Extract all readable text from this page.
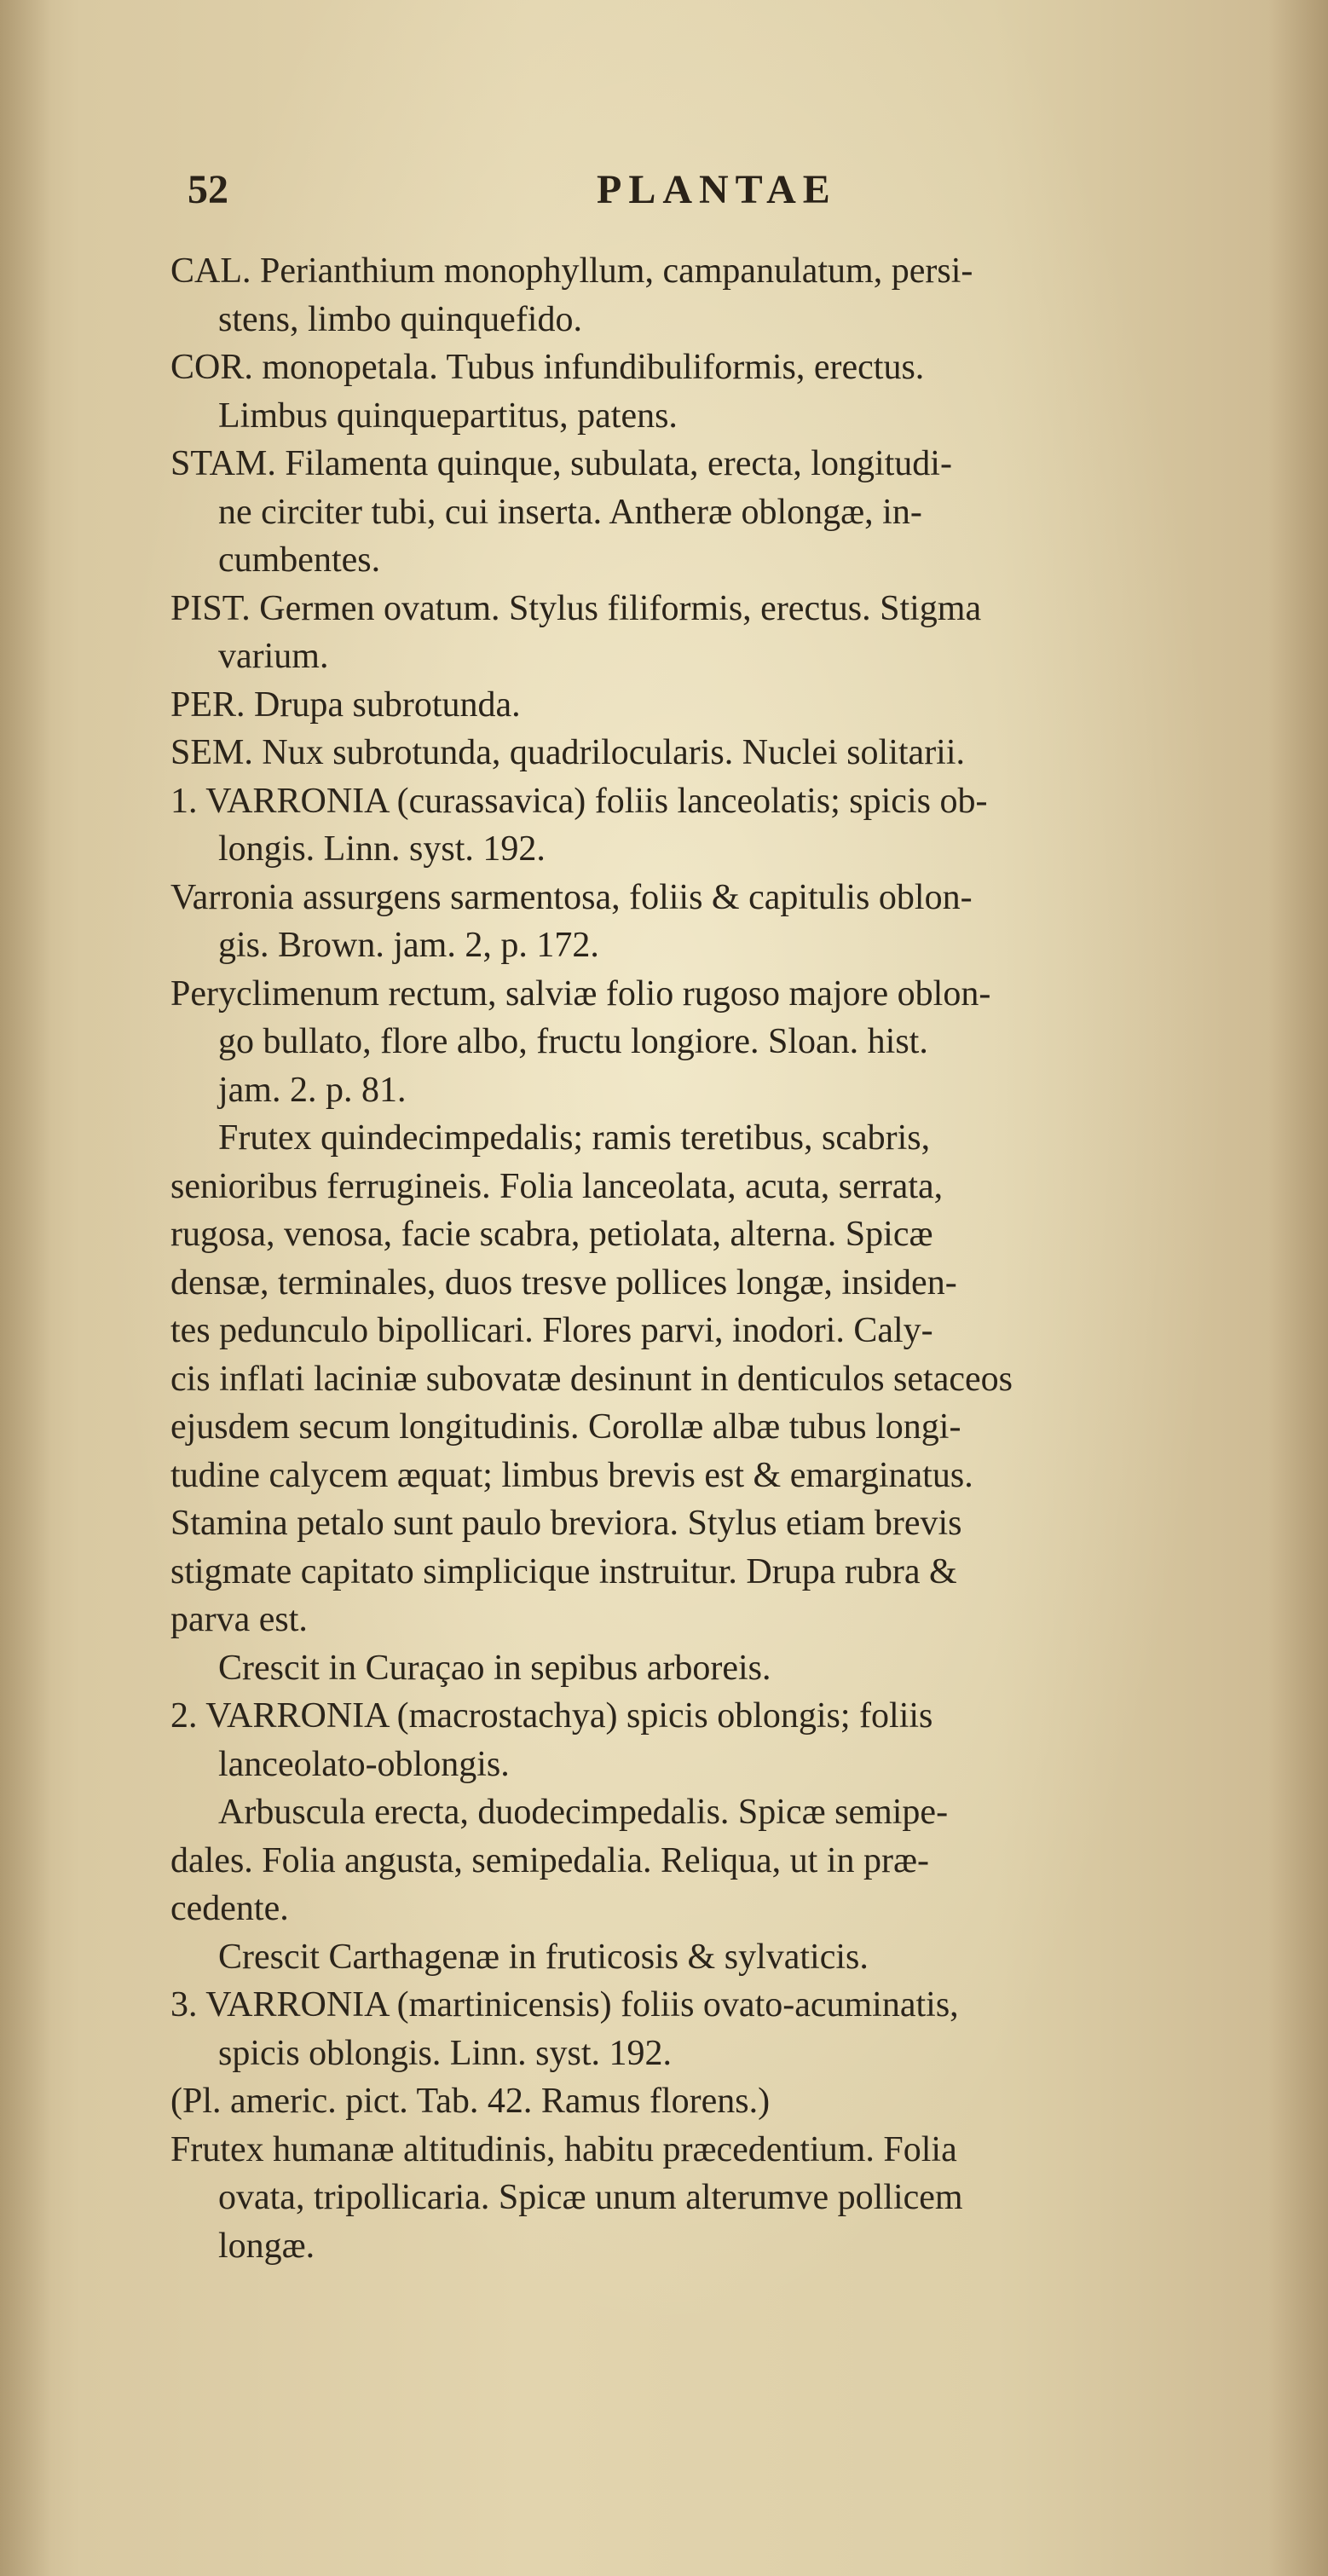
52	PLANTAE
CAL. Perianthium monophyllum, campanulatum, persi-
stens, limbo quinquefido.
COR. monopetala. Tubus infundibuliformis, erectus.
Limbus quinquepartitus, patens.
STAM. Filamenta quinque, subulata, erecta, longitudi-
ne circiter tubi, cui inserta. Antheræ oblongæ, in-
cumbentes.
PIST. Germen ovatum. Stylus filiformis, erectus. Stigma
varium.
PER. Drupa subrotunda.
SEM. Nux subrotunda, quadrilocularis. Nuclei solitarii.
1. VARRONIA (curassavica) foliis lanceolatis; spicis ob-
longis. Linn. syst. 192.
Varronia assurgens sarmentosa, foliis & capitulis oblon-
gis. Brown. jam. 2, p. 172.
Peryclimenum rectum, salviæ folio rugoso majore oblon-
go bullato, flore albo, fructu longiore. Sloan. hist.
jam. 2. p. 81.
Frutex quindecimpedalis; ramis teretibus, scabris,
senioribus ferrugineis. Folia lanceolata, acuta, serrata,
rugosa, venosa, facie scabra, petiolata, alterna. Spicæ
densæ, terminales, duos tresve pollices longæ, insiden-
tes pedunculo bipollicari. Flores parvi, inodori. Caly-
cis inflati laciniæ subovatæ desinunt in denticulos setaceos
ejusdem secum longitudinis. Corollæ albæ tubus longi-
tudine calycem æquat; limbus brevis est & emarginatus.
Stamina petalo sunt paulo breviora. Stylus etiam brevis
stigmate capitato simplicique instruitur. Drupa rubra &
parva est.
Crescit in Curaçao in sepibus arboreis.
2. VARRONIA (macrostachya) spicis oblongis; foliis
lanceolato-oblongis.
Arbuscula erecta, duodecimpedalis. Spicæ semipe-
dales. Folia angusta, semipedalia. Reliqua, ut in præ-
cedente.
Crescit Carthagenæ in fruticosis & sylvaticis.
3. VARRONIA (martinicensis) foliis ovato-acuminatis,
spicis oblongis. Linn. syst. 192.
(Pl. americ. pict. Tab. 42. Ramus florens.)
Frutex humanæ altitudinis, habitu præcedentium. Folia
ovata, tripollicaria. Spicæ unum alterumve pollicem
longæ.
